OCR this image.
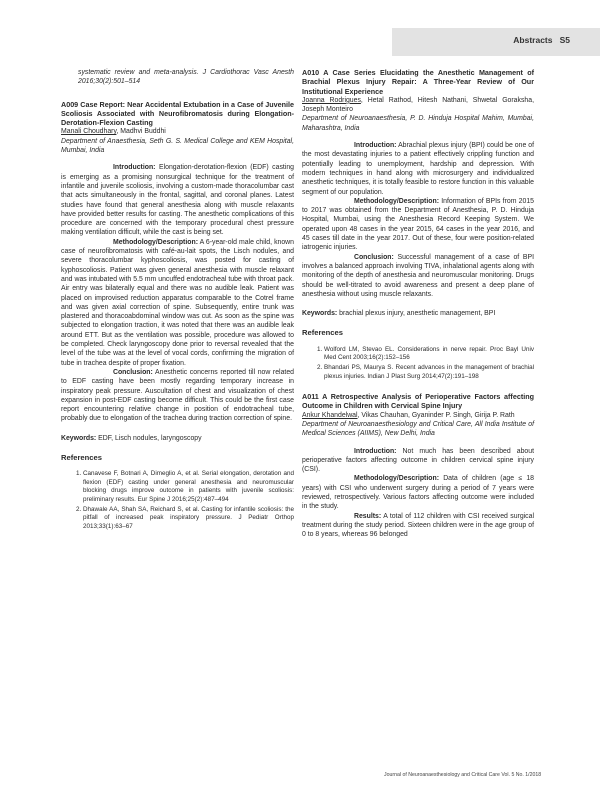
Abstracts S5

systematic review and meta-analysis. J Cardiothorac Vasc Anesth 2016;30(2):501–514

A009 Case Report: Near Accidental Extubation in a Case of Juvenile Scoliosis Associated with Neurofibromatosis during Elongation-Derotation-Flexion Casting

Manali Choudhary, Madhvi Buddhi

Department of Anaesthesia, Seth G. S. Medical College and KEM Hospital, Mumbai, India

Introduction: Elongation-derotation-flexion (EDF) casting is emerging as a promising nonsurgical technique for the treatment of infantile and juvenile scoliosis, involving a custom-made thoracolumbar cast that acts simultaneously in the frontal, sagittal, and coronal planes. Latest studies have found that general anesthesia along with muscle relaxants have provided better results for casting. The anesthetic complications of this procedure are concerned with the temporary procedural chest pressure making ventilation difficult, while the cast is being set.

Methodology/Description: A 6-year-old male child, known case of neurofibromatosis with café-au-lait spots, the Lisch nodules, and severe thoracolumbar kyphoscoliosis, was posted for casting of kyphoscoliosis. Patient was given general anesthesia with muscle relaxant and was intubated with 5.5 mm uncuffed endotracheal tube with throat pack. Air entry was bilaterally equal and there was no audible leak. Patient was placed on improvised reduction apparatus comparable to the Cotrel frame and was given axial correction of spine. Subsequently, entire trunk was plastered and thoracoabdominal window was cut. As soon as the spine was subjected to elongation traction, it was noted that there was an audible leak around ETT. But as the ventilation was possible, procedure was allowed to be completed. Check laryngoscopy done prior to reversal revealed that the level of the tube was at the level of vocal cords, confirming the migration of tube in trachea despite of proper fixation.

Conclusion: Anesthetic concerns reported till now related to EDF casting have been mostly regarding temporary increase in inspiratory peak pressure. Auscultation of chest and visualization of chest expansion in post-EDF casting become difficult. This could be the first case report encountering relative change in position of endotracheal tube, probably due to elongation of the trachea during traction correction of spine.

Keywords: EDF, Lisch nodules, laryngoscopy

References

1. Canavese F, Botnari A, Dimeglio A, et al. Serial elongation, derotation and flexion (EDF) casting under general anesthesia and neuromuscular blocking drugs improve outcome in patients with juvenile scoliosis: preliminary results. Eur Spine J 2016;25(2):487–494
2. Dhawale AA, Shah SA, Reichard S, et al. Casting for infantile scoliosis: the pitfall of increased peak inspiratory pressure. J Pediatr Orthop 2013;33(1):63–67

A010 A Case Series Elucidating the Anesthetic Management of Brachial Plexus Injury Repair: A Three-Year Review of Our Institutional Experience

Joanna Rodrigues, Hetal Rathod, Hitesh Nathani, Shwetal Goraksha, Joseph Monteiro

Department of Neuroanaesthesia, P. D. Hinduja Hospital Mahim, Mumbai, Maharashtra, India

Introduction: Abrachial plexus injury (BPI) could be one of the most devastating injuries to a patient effectively crippling function and potentially leading to unemployment, hardship and depression. With modern techniques in hand along with microsurgery and individualized anesthetic techniques, it is totally feasible to restore function in this valuable segment of our population.

Methodology/Description: Information of BPIs from 2015 to 2017 was obtained from the Department of Anesthesia, P. D. Hinduja Hospital, Mumbai, using the Anesthesia Record Keeping System. We operated upon 48 cases in the year 2015, 64 cases in the year 2016, and 45 cases till date in the year 2017. Out of these, four were position-related iatrogenic injuries.

Conclusion: Successful management of a case of BPI involves a balanced approach involving TIVA, inhalational agents along with monitoring of the depth of anesthesia and neuromuscular monitoring. Drugs should be well-titrated to avoid awareness and present a deep plane of anesthesia without using muscle relaxants.

Keywords: brachial plexus injury, anesthetic management, BPI

References

1. Wolford LM, Stevao EL. Considerations in nerve repair. Proc Bayl Univ Med Cent 2003;16(2):152–156
2. Bhandari PS, Maurya S. Recent advances in the management of brachial plexus injuries. Indian J Plast Surg 2014;47(2):191–198

A011 A Retrospective Analysis of Perioperative Factors affecting Outcome in Children with Cervical Spine Injury

Ankur Khandelwal, Vikas Chauhan, Gyaninder P. Singh, Girija P. Rath

Department of Neuroanaesthesiology and Critical Care, All India Institute of Medical Sciences (AIIMS), New Delhi, India

Introduction: Not much has been described about perioperative factors affecting outcome in children cervical spine injury (CSI).

Methodology/Description: Data of children (age ≤ 18 years) with CSI who underwent surgery during a period of 7 years were reviewed, retrospectively. Various factors affecting outcome were included in the study.

Results: A total of 112 children with CSI received surgical treatment during the study period. Sixteen children were in the age group of 0 to 8 years, whereas 96 belonged

Journal of Neuroanaesthesiology and Critical Care Vol. 5 No. 1/2018
